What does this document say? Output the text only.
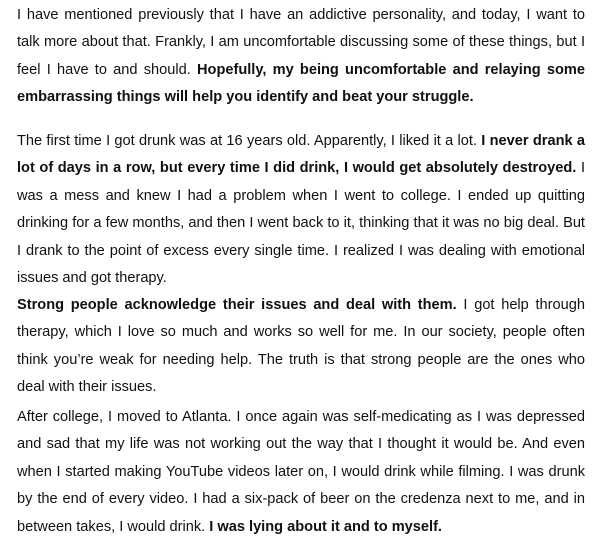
I have mentioned previously that I have an addictive personality, and today, I want to talk more about that. Frankly, I am uncomfortable discussing some of these things, but I feel I have to and should. Hopefully, my being uncomfortable and relaying some embarrassing things will help you identify and beat your struggle.

The first time I got drunk was at 16 years old. Apparently, I liked it a lot. I never drank a lot of days in a row, but every time I did drink, I would get absolutely destroyed. I was a mess and knew I had a problem when I went to college. I ended up quitting drinking for a few months, and then I went back to it, thinking that it was no big deal. But I drank to the point of excess every single time. I realized I was dealing with emotional issues and got therapy.

Strong people acknowledge their issues and deal with them. I got help through therapy, which I love so much and works so well for me. In our society, people often think you’re weak for needing help. The truth is that strong people are the ones who deal with their issues.

After college, I moved to Atlanta. I once again was self-medicating as I was depressed and sad that my life was not working out the way that I thought it would be. And even when I started making YouTube videos later on, I would drink while filming. I was drunk by the end of every video. I had a six-pack of beer on the credenza next to me, and in between takes, I would drink. I was lying about it and to myself.
